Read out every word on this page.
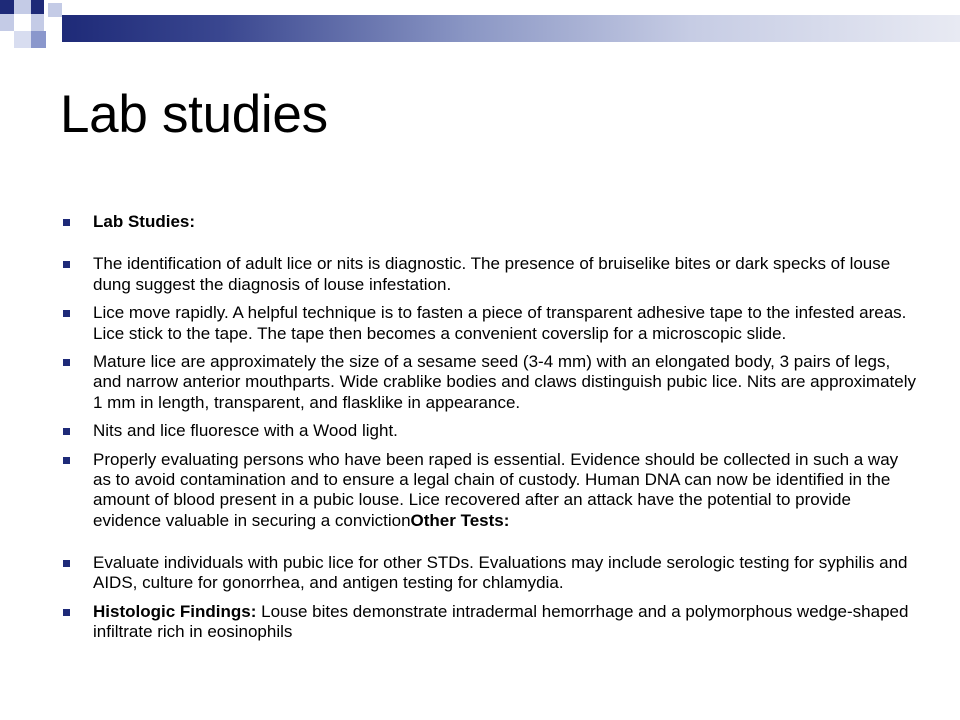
Lab studies
Lab Studies:
The identification of adult lice or nits is diagnostic. The presence of bruiselike bites or dark specks of louse dung suggest the diagnosis of louse infestation.
Lice move rapidly. A helpful technique is to fasten a piece of transparent adhesive tape to the infested areas. Lice stick to the tape. The tape then becomes a convenient coverslip for a microscopic slide.
Mature lice are approximately the size of a sesame seed (3-4 mm) with an elongated body, 3 pairs of legs, and narrow anterior mouthparts. Wide crablike bodies and claws distinguish pubic lice. Nits are approximately 1 mm in length, transparent, and flasklike in appearance.
Nits and lice fluoresce with a Wood light.
Properly evaluating persons who have been raped is essential. Evidence should be collected in such a way as to avoid contamination and to ensure a legal chain of custody. Human DNA can now be identified in the amount of blood present in a pubic louse. Lice recovered after an attack have the potential to provide evidence valuable in securing a convictionOther Tests:
Evaluate individuals with pubic lice for other STDs. Evaluations may include serologic testing for syphilis and AIDS, culture for gonorrhea, and antigen testing for chlamydia.
Histologic Findings: Louse bites demonstrate intradermal hemorrhage and a polymorphous wedge-shaped infiltrate rich in eosinophils
